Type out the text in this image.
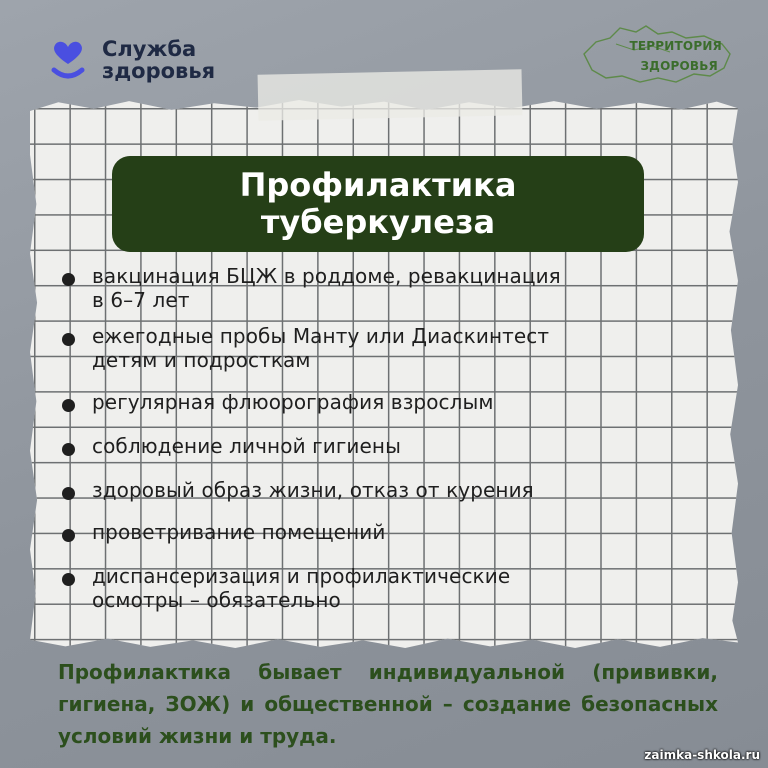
Служба
здоровья
ТЕРРИТОРИЯ
ЗДОРОВЬЯ
Профилактика
туберкулеза
вакцинация БЦЖ в роддоме, ревакцинация
в 6–7 лет
ежегодные пробы Манту или Диаскинтест
детям и подросткам
регулярная флюорография взрослым
соблюдение личной гигиены
здоровый образ жизни, отказ от курения
проветривание помещений
диспансеризация и профилактические
осмотры – обязательно
Профилактика бывает индивидуальной (прививки, гигиена, ЗОЖ) и общественной – создание безопасных условий жизни и труда.
zaimka-shkola.ru
